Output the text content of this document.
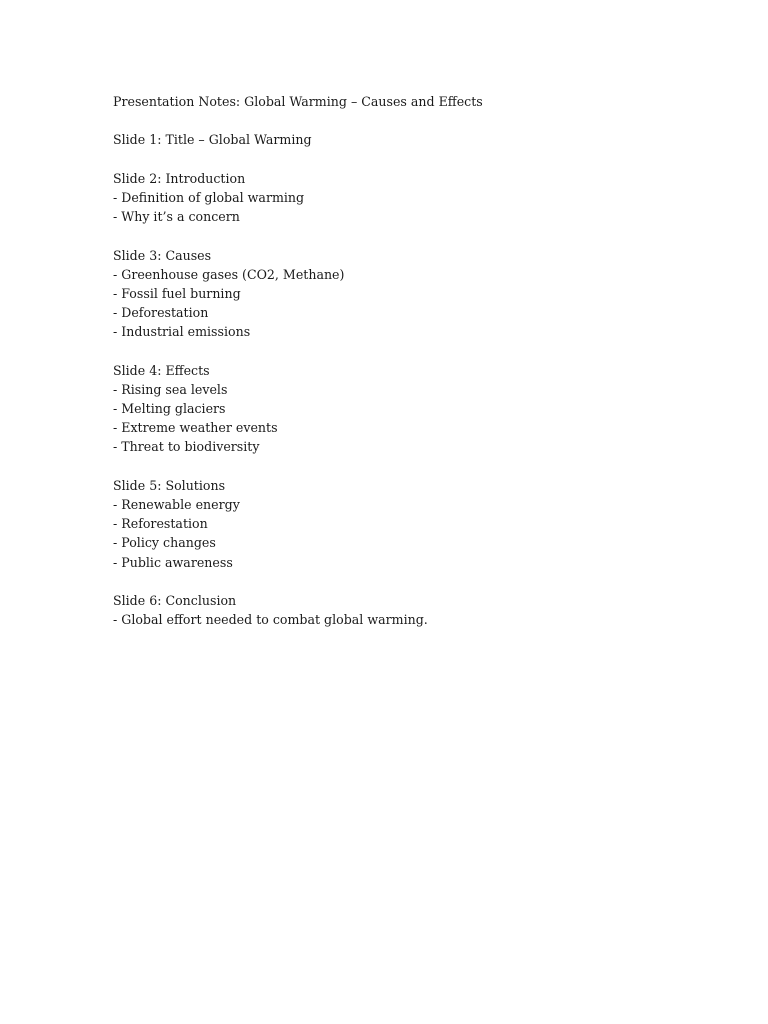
Presentation Notes: Global Warming – Causes and Effects
Slide 1: Title – Global Warming
Slide 2: Introduction
- Definition of global warming
- Why it’s a concern
Slide 3: Causes
- Greenhouse gases (CO2, Methane)
- Fossil fuel burning
- Deforestation
- Industrial emissions
Slide 4: Effects
- Rising sea levels
- Melting glaciers
- Extreme weather events
- Threat to biodiversity
Slide 5: Solutions
- Renewable energy
- Reforestation
- Policy changes
- Public awareness
Slide 6: Conclusion
- Global effort needed to combat global warming.
